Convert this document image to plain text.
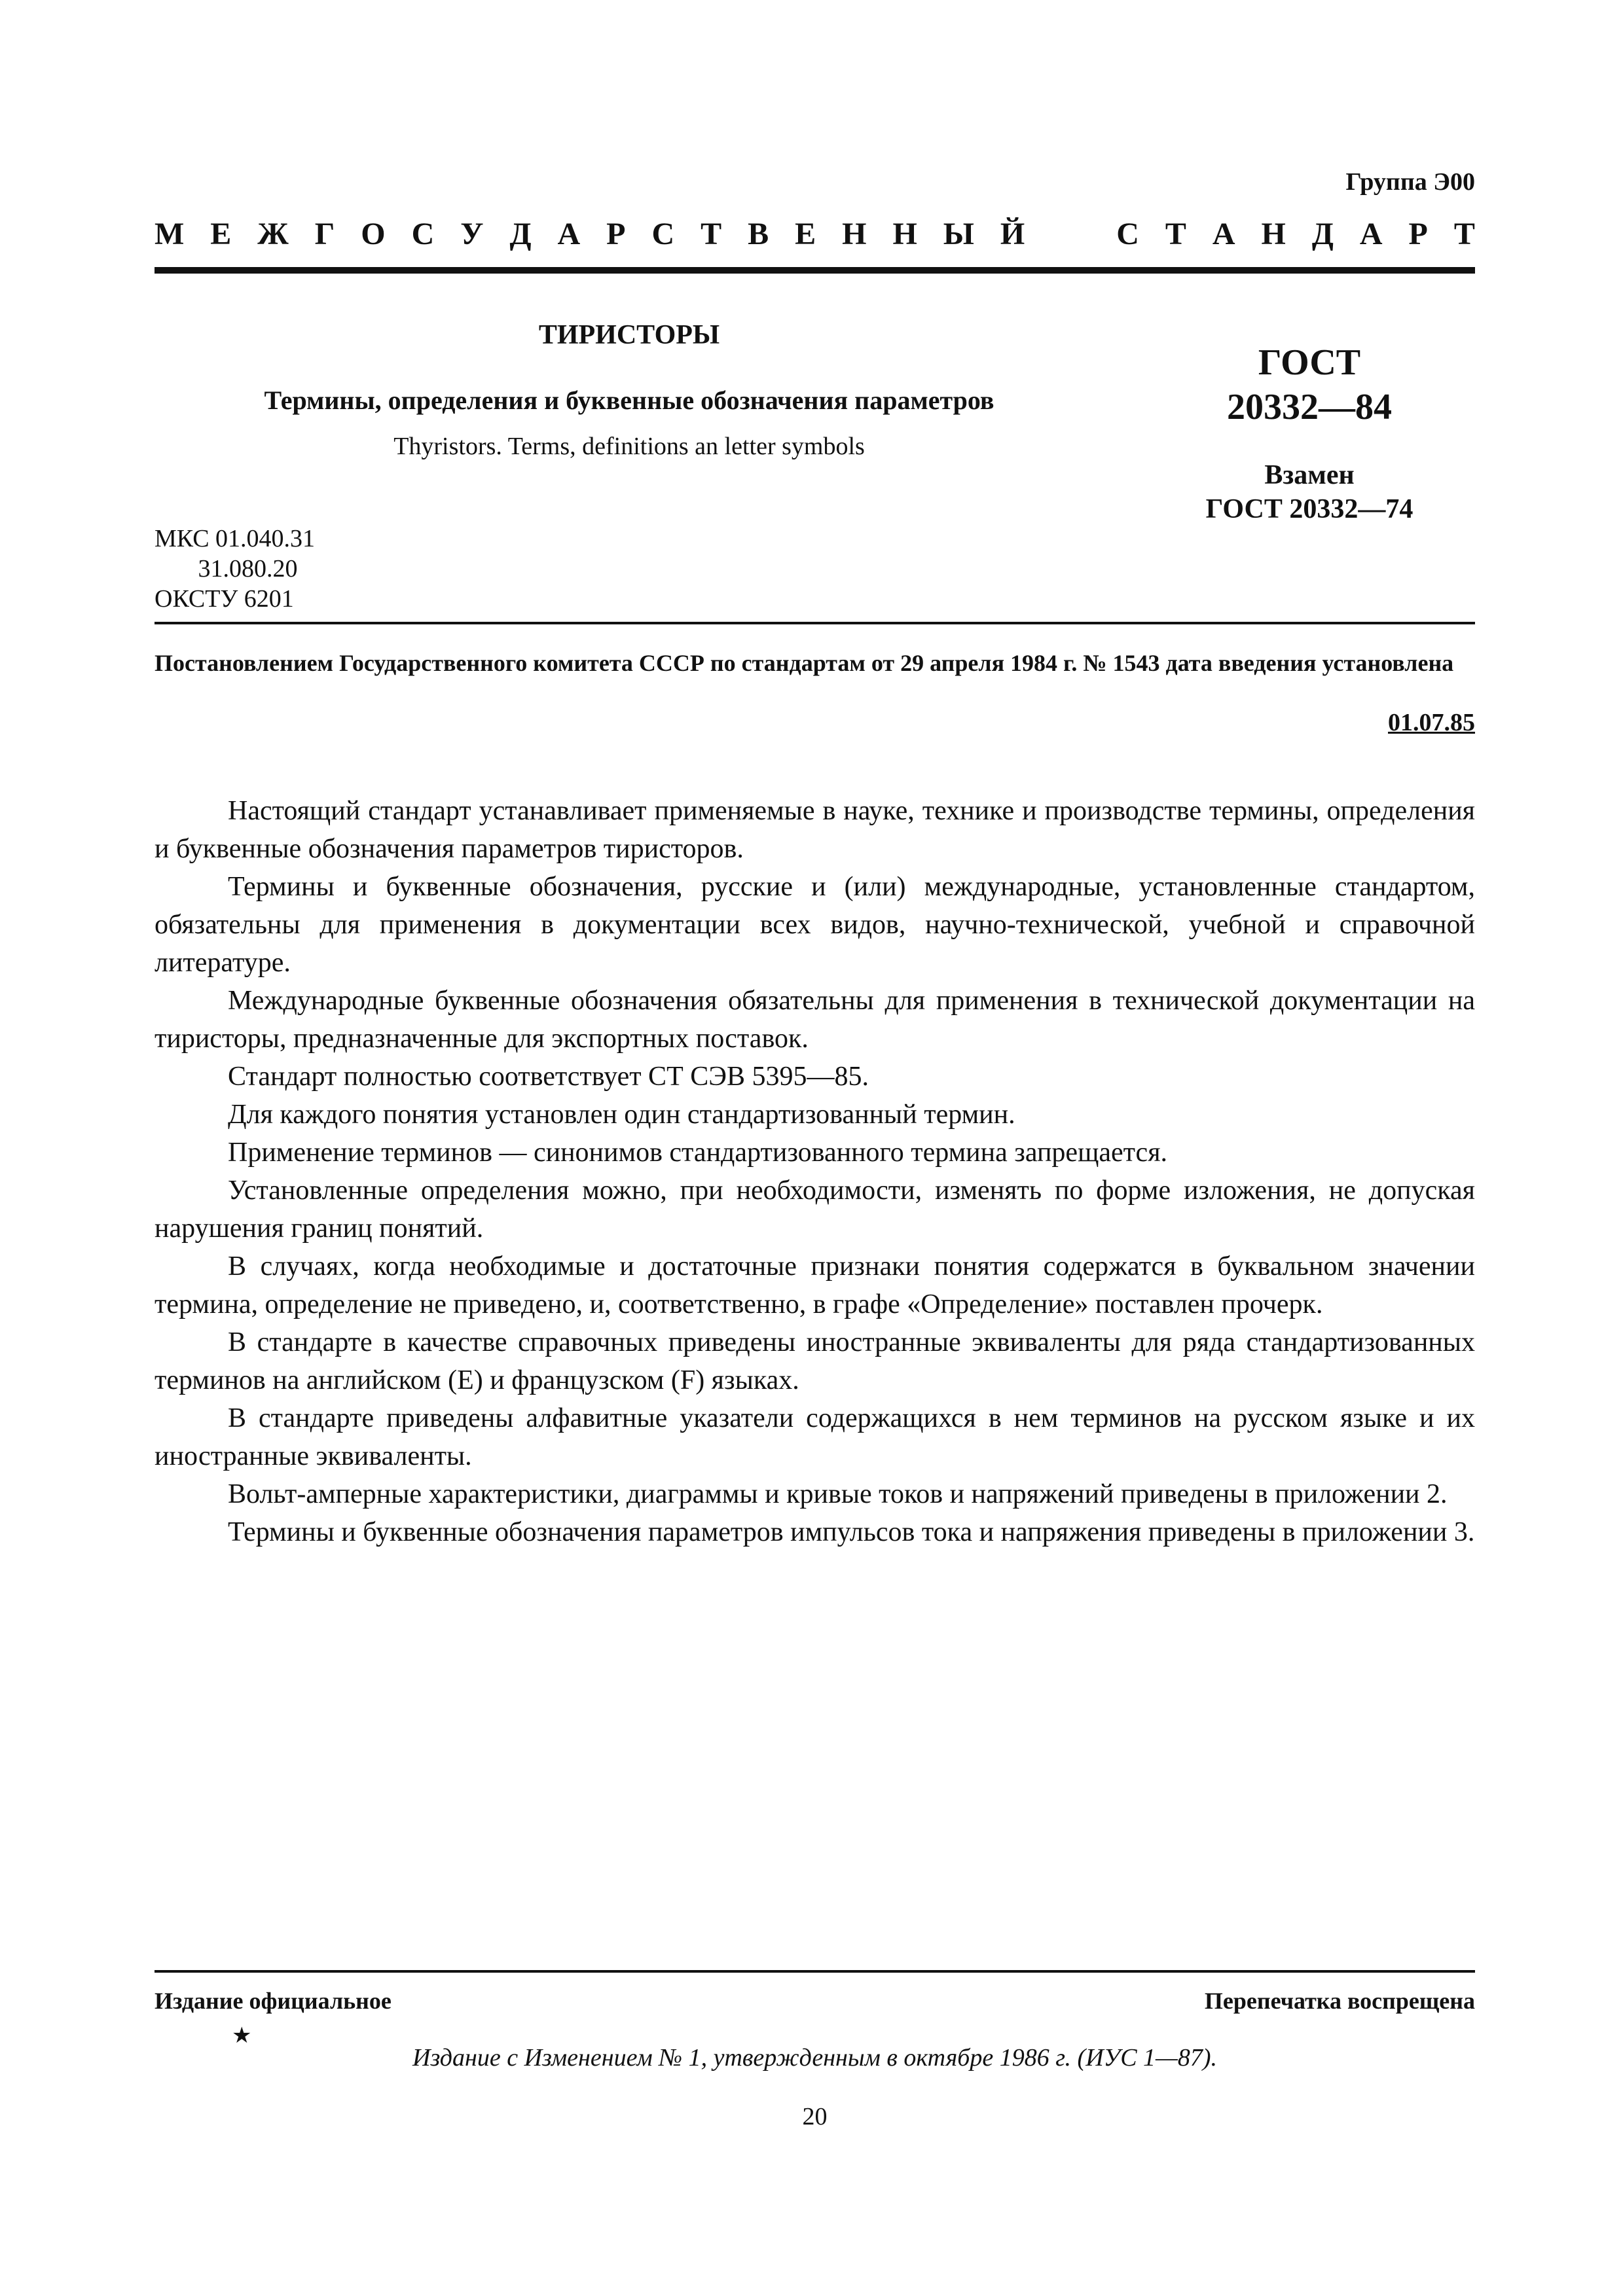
Группа Э00
М Е Ж Г О С У Д А Р С Т В Е Н Н Ы Й	С Т А Н Д А Р Т
ТИРИСТОРЫ
Термины, определения и буквенные обозначения параметров
Thyristors. Terms, definitions an letter symbols
ГОСТ
20332—84
Взамен
ГОСТ 20332—74
МКС 01.040.31
31.080.20
ОКСТУ 6201
Постановлением Государственного комитета СССР по стандартам от 29 апреля 1984 г. № 1543 дата введения установлена
01.07.85

Настоящий стандарт устанавливает применяемые в науке, технике и производстве термины, определения и буквенные обозначения параметров тиристоров.

Термины и буквенные обозначения, русские и (или) международные, установленные стандартом, обязательны для применения в документации всех видов, научно-технической, учебной и справочной литературе.

Международные буквенные обозначения обязательны для применения в технической документации на тиристоры, предназначенные для экспортных поставок.

Стандарт полностью соответствует СТ СЭВ 5395—85.

Для каждого понятия установлен один стандартизованный термин.

Применение терминов — синонимов стандартизованного термина запрещается.

Установленные определения можно, при необходимости, изменять по форме изложения, не допуская нарушения границ понятий.

В случаях, когда необходимые и достаточные признаки понятия содержатся в буквальном значении термина, определение не приведено, и, соответственно, в графе «Определение» поставлен прочерк.

В стандарте в качестве справочных приведены иностранные эквиваленты для ряда стандартизованных терминов на английском (Е) и французском (F) языках.

В стандарте приведены алфавитные указатели содержащихся в нем терминов на русском языке и их иностранные эквиваленты.

Вольт-амперные характеристики, диаграммы и кривые токов и напряжений приведены в приложении 2.

Термины и буквенные обозначения параметров импульсов тока и напряжения приведены в приложении 3.

Издание официальное	Перепечатка воспрещена
★
Издание с Изменением № 1, утвержденным в октябре 1986 г. (ИУС 1—87).
20
